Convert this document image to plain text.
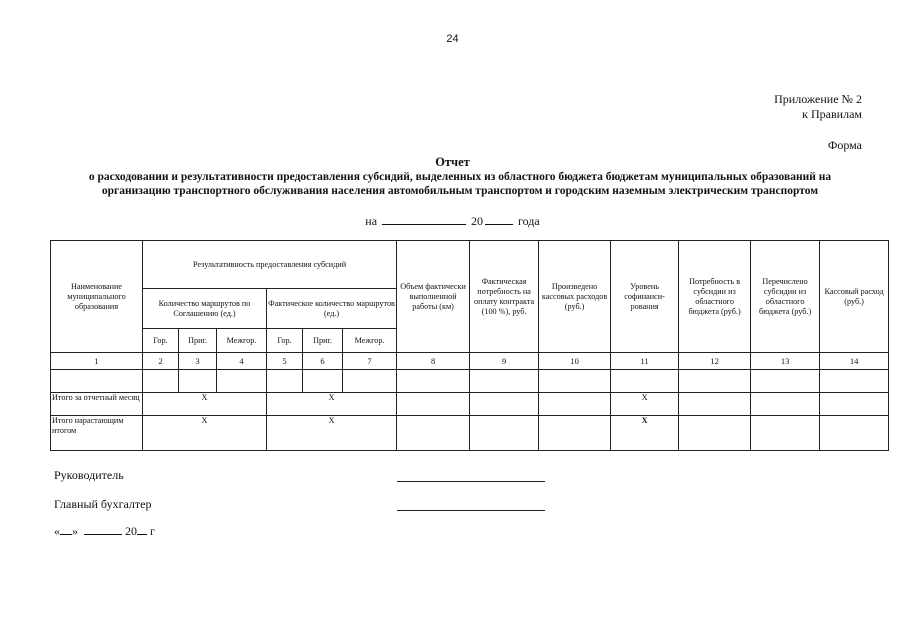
24
Приложение № 2
к Правилам
Форма
Отчет
о расходовании и результативности предоставления субсидий, выделенных из областного бюджета бюджетам муниципальных образований на организацию транспортного обслуживания населения автомобильным транспортом и городским наземным электрическим транспортом
на	20	года
Наименование муниципального образования	Результативность предоставления субсидий						Объем фактически выполненной работы (км)	Фактическая потребность на оплату контракта (100 %), руб.	Произведено кассовых расходов (руб.)	Уровень софинанси-рования	Потребность в субсидии из областного бюджета (руб.)	Перечислено субсидии из областного бюджета (руб.)	Кассовый расход (руб.)
	Количество маршрутов по Соглашению (ед.)			Фактическое количество маршрутов (ед.)									
	Гор.	Приг.	Межгор.	Гор.	Приг.	Межгор.							
1	2	3	4	5	6	7	8	9	10	11	12	13	14

Итого за отчетный месяц	X			X						X			
Итого нарастающим итогом	X			X						X			
Руководитель
Главный бухгалтер
« »	20 г
